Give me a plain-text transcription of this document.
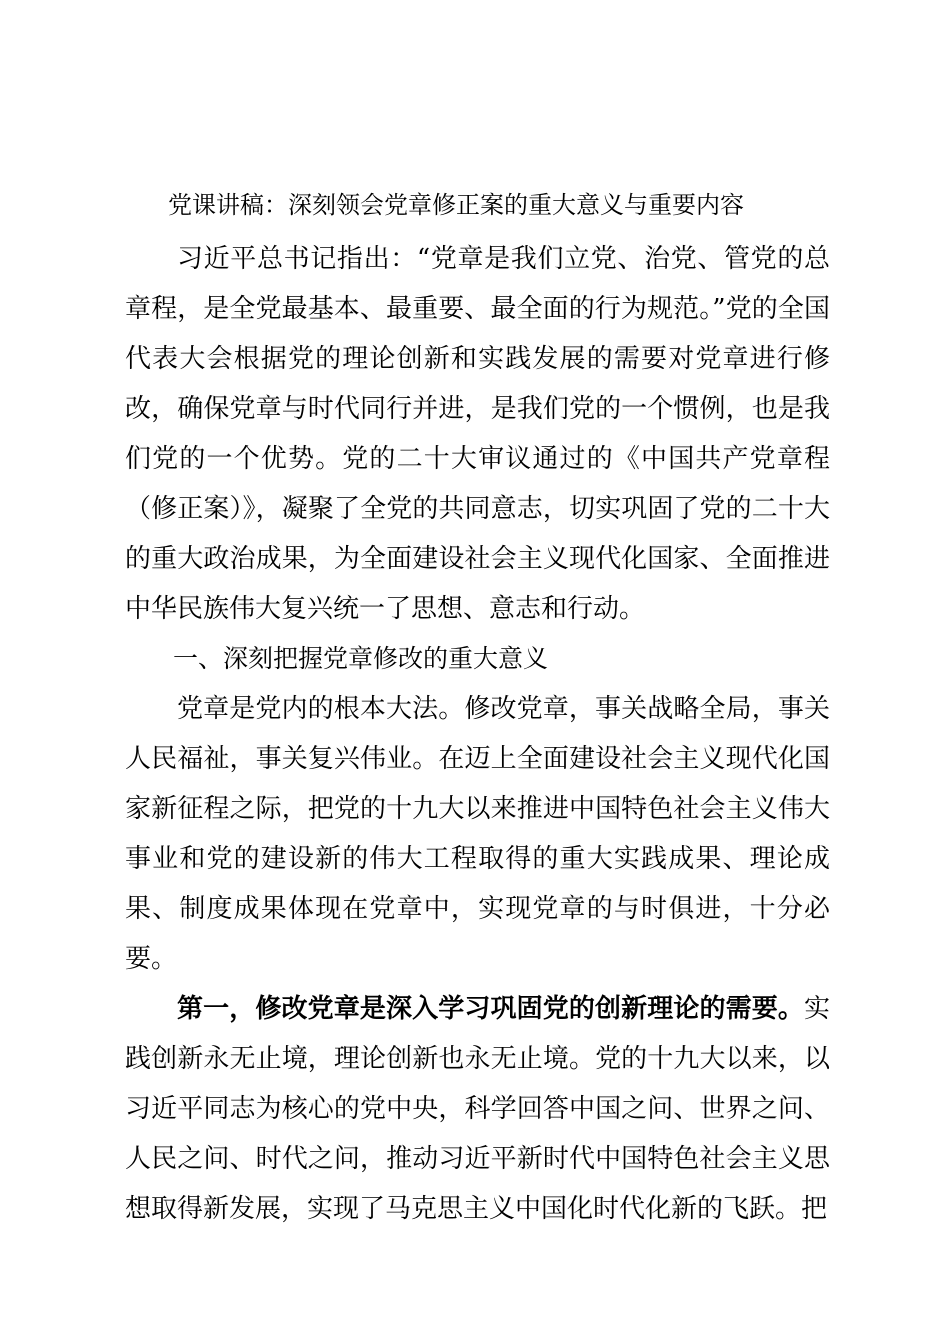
党课讲稿：深刻领会党章修正案的重大意义与重要内容

习近平总书记指出：“党章是我们立党、治党、管党的总章程，是全党最基本、最重要、最全面的行为规范。”党的全国代表大会根据党的理论创新和实践发展的需要对党章进行修改，确保党章与时代同行并进，是我们党的一个惯例，也是我们党的一个优势。党的二十大审议通过的《中国共产党章程（修正案）》，凝聚了全党的共同意志，切实巩固了党的二十大的重大政治成果，为全面建设社会主义现代化国家、全面推进中华民族伟大复兴统一了思想、意志和行动。

一、深刻把握党章修改的重大意义

党章是党内的根本大法。修改党章，事关战略全局，事关人民福祉，事关复兴伟业。在迈上全面建设社会主义现代化国家新征程之际，把党的十九大以来推进中国特色社会主义伟大事业和党的建设新的伟大工程取得的重大实践成果、理论成果、制度成果体现在党章中，实现党章的与时俱进，十分必要。

第一，修改党章是深入学习巩固党的创新理论的需要。实践创新永无止境，理论创新也永无止境。党的十九大以来，以习近平同志为核心的党中央，科学回答中国之问、世界之问、人民之问、时代之问，推动习近平新时代中国特色社会主义思想取得新发展，实现了马克思主义中国化时代化新的飞跃。把
